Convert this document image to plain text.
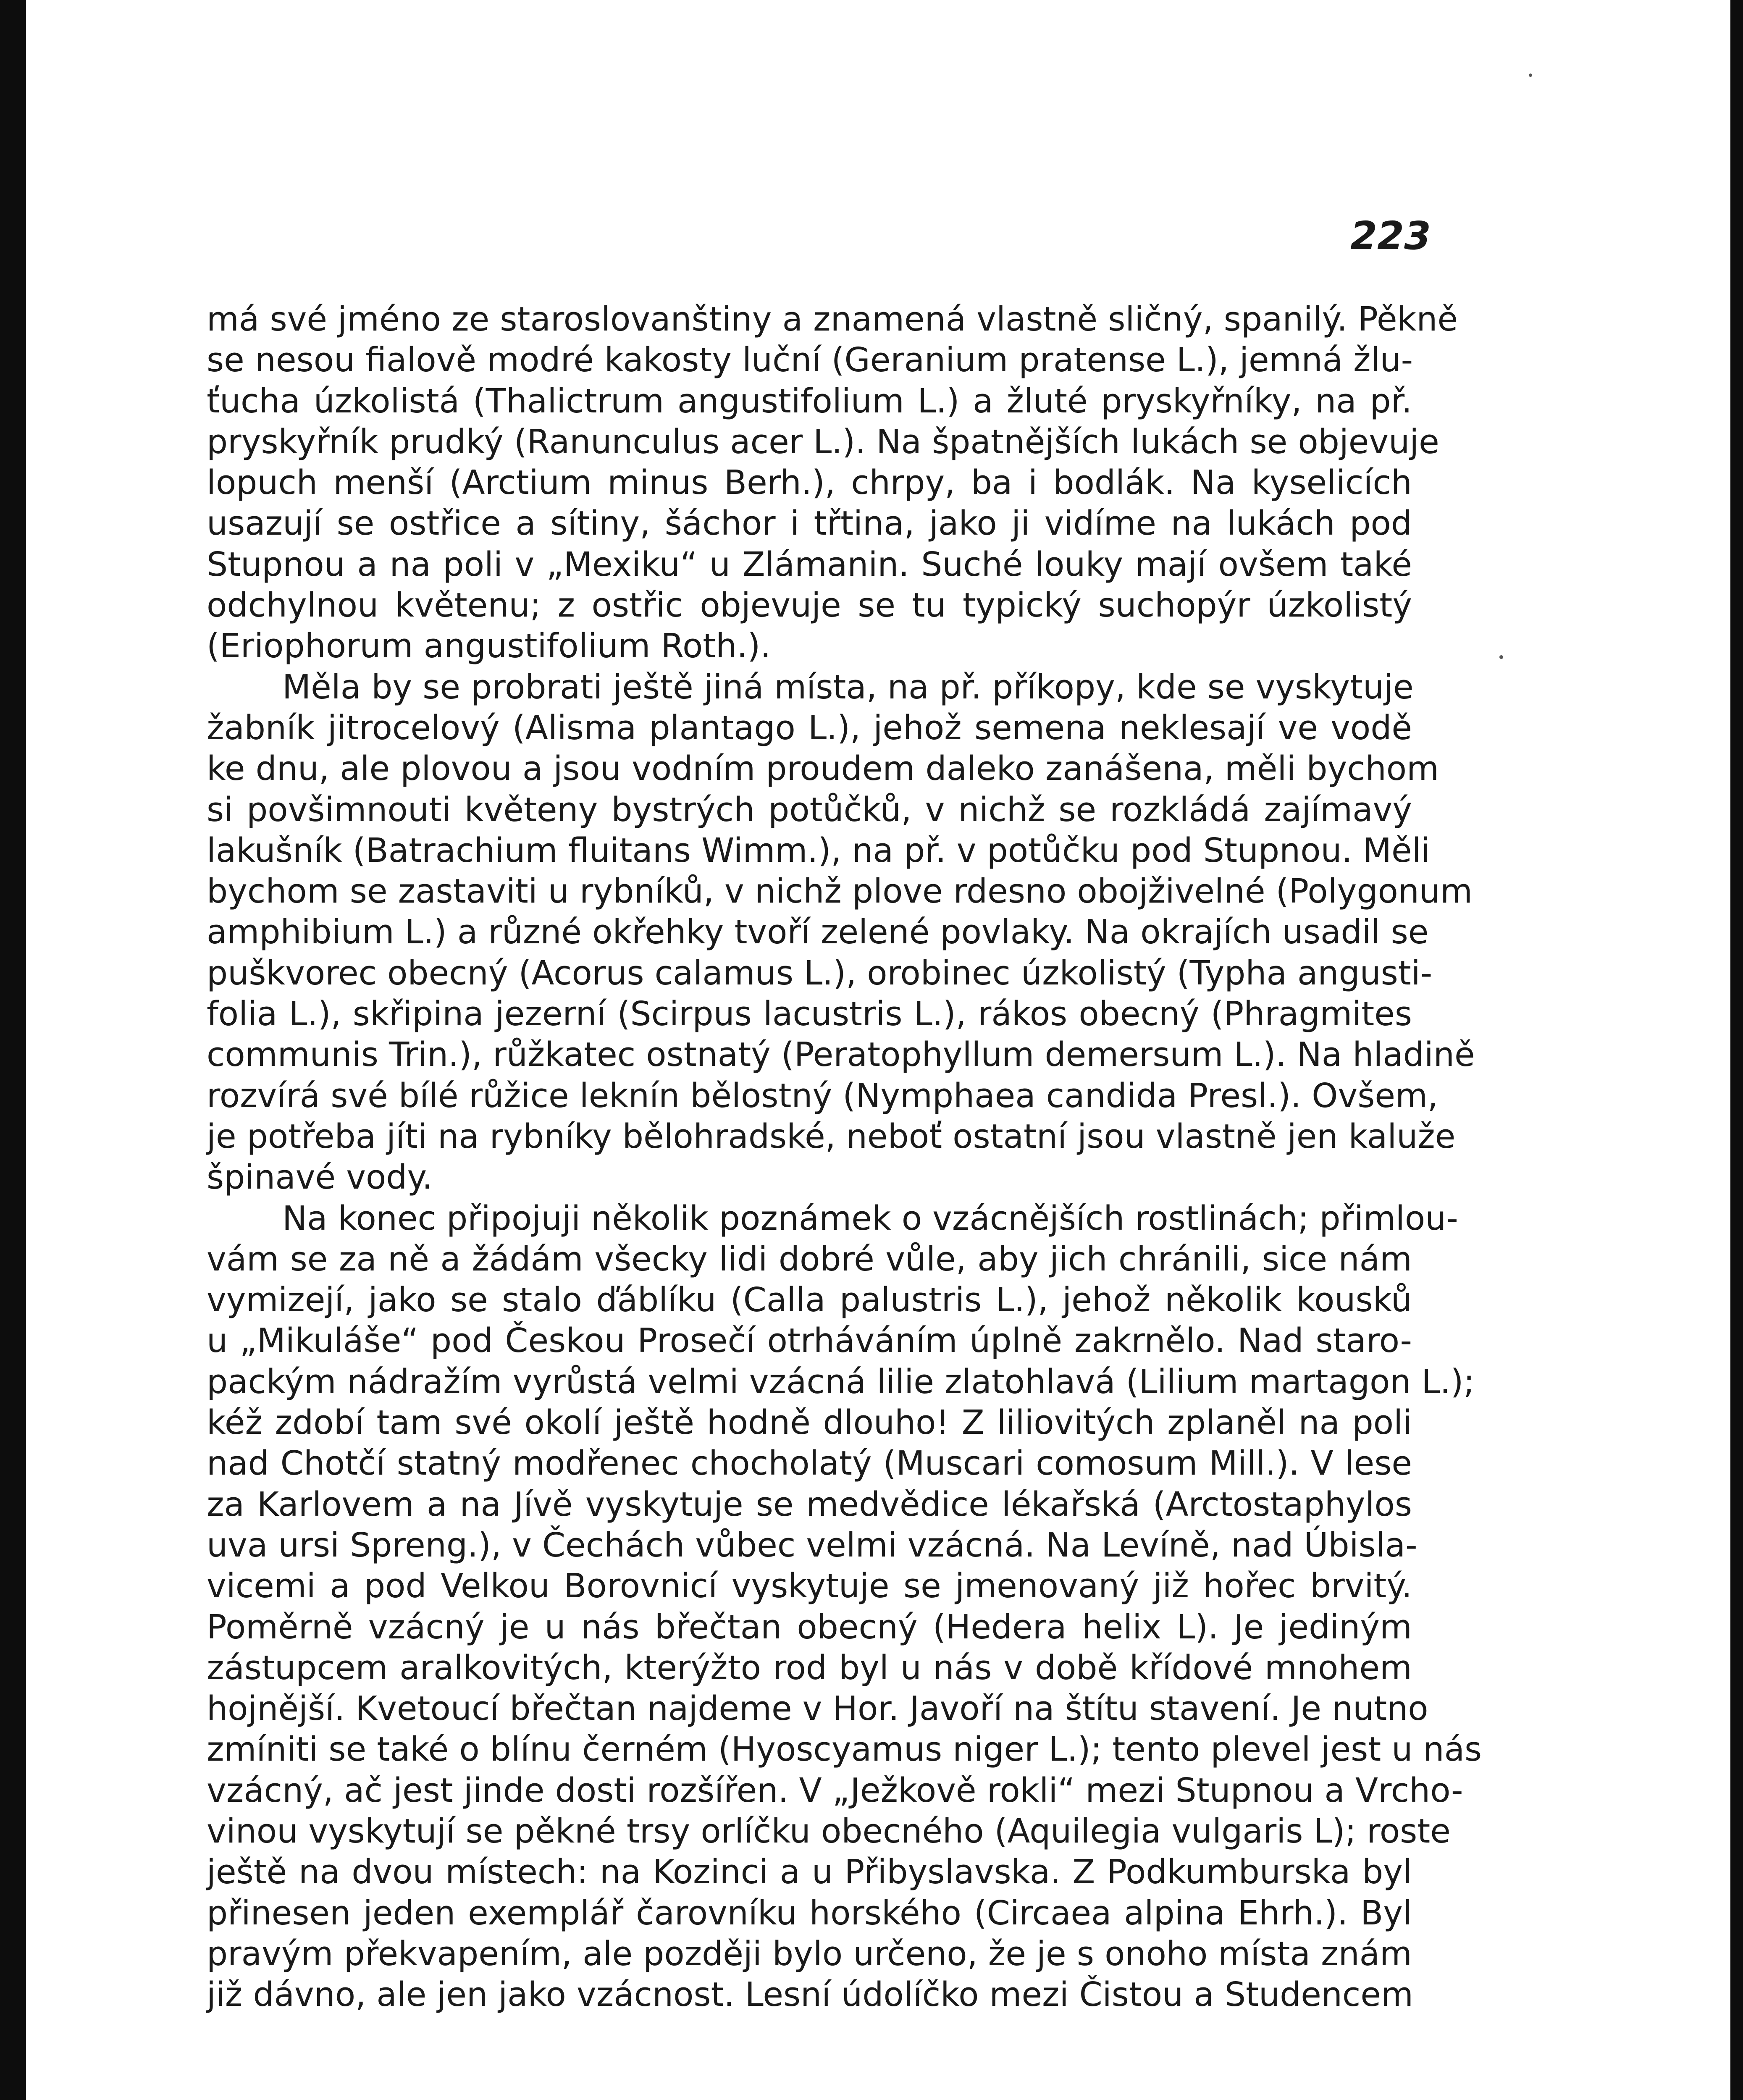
223
má své jméno ze staroslovanštiny a znamená vlastně sličný, spanilý. Pěkně
se nesou fialově modré kakosty luční (Geranium pratense L.), jemná žlu-
ťucha úzkolistá (Thalictrum angustifolium L.) a žluté pryskyřníky, na př.
pryskyřník prudký (Ranunculus acer L.). Na špatnějších lukách se objevuje
lopuch menší (Arctium minus Berh.), chrpy, ba i bodlák. Na kyselicích
usazují se ostřice a sítiny, šáchor i třtina, jako ji vidíme na lukách pod
Stupnou a na poli v „Mexiku“ u Zlámanin. Suché louky mají ovšem také
odchylnou květenu; z ostřic objevuje se tu typický suchopýr úzkolistý
(Eriophorum angustifolium Roth.).
Měla by se probrati ještě jiná místa, na př. příkopy, kde se vyskytuje
žabník jitrocelový (Alisma plantago L.), jehož semena neklesají ve vodě
ke dnu, ale plovou a jsou vodním proudem daleko zanášena, měli bychom
si povšimnouti květeny bystrých potůčků, v nichž se rozkládá zajímavý
lakušník (Batrachium fluitans Wimm.), na př. v potůčku pod Stupnou. Měli
bychom se zastaviti u rybníků, v nichž plove rdesno obojživelné (Polygonum
amphibium L.) a různé okřehky tvoří zelené povlaky. Na okrajích usadil se
puškvorec obecný (Acorus calamus L.), orobinec úzkolistý (Typha angusti-
folia L.), skřipina jezerní (Scirpus lacustris L.), rákos obecný (Phragmites
communis Trin.), růžkatec ostnatý (Peratophyllum demersum L.). Na hladině
rozvírá své bílé růžice leknín bělostný (Nymphaea candida Presl.). Ovšem,
je potřeba jíti na rybníky bělohradské, neboť ostatní jsou vlastně jen kaluže
špinavé vody.
Na konec připojuji několik poznámek o vzácnějších rostlinách; přimlou-
vám se za ně a žádám všecky lidi dobré vůle, aby jich chránili, sice nám
vymizejí, jako se stalo ďáblíku (Calla palustris L.), jehož několik kousků
u „Mikuláše“ pod Českou Prosečí otrháváním úplně zakrnělo. Nad staro-
packým nádražím vyrůstá velmi vzácná lilie zlatohlavá (Lilium martagon L.);
kéž zdobí tam své okolí ještě hodně dlouho! Z liliovitých zplaněl na poli
nad Chotčí statný modřenec chocholatý (Muscari comosum Mill.). V lese
za Karlovem a na Jívě vyskytuje se medvědice lékařská (Arctostaphylos
uva ursi Spreng.), v Čechách vůbec velmi vzácná. Na Levíně, nad Úbisla-
vicemi a pod Velkou Borovnicí vyskytuje se jmenovaný již hořec brvitý.
Poměrně vzácný je u nás břečtan obecný (Hedera helix L). Je jediným
zástupcem aralkovitých, kterýžto rod byl u nás v době křídové mnohem
hojnější. Kvetoucí břečtan najdeme v Hor. Javoří na štítu stavení. Je nutno
zmíniti se také o blínu černém (Hyoscyamus niger L.); tento plevel jest u nás
vzácný, ač jest jinde dosti rozšířen. V „Ježkově rokli“ mezi Stupnou a Vrcho-
vinou vyskytují se pěkné trsy orlíčku obecného (Aquilegia vulgaris L); roste
ještě na dvou místech: na Kozinci a u Přibyslavska. Z Podkumburska byl
přinesen jeden exemplář čarovníku horského (Circaea alpina Ehrh.). Byl
pravým překvapením, ale později bylo určeno, že je s onoho místa znám
již dávno, ale jen jako vzácnost. Lesní údolíčko mezi Čistou a Studencem
